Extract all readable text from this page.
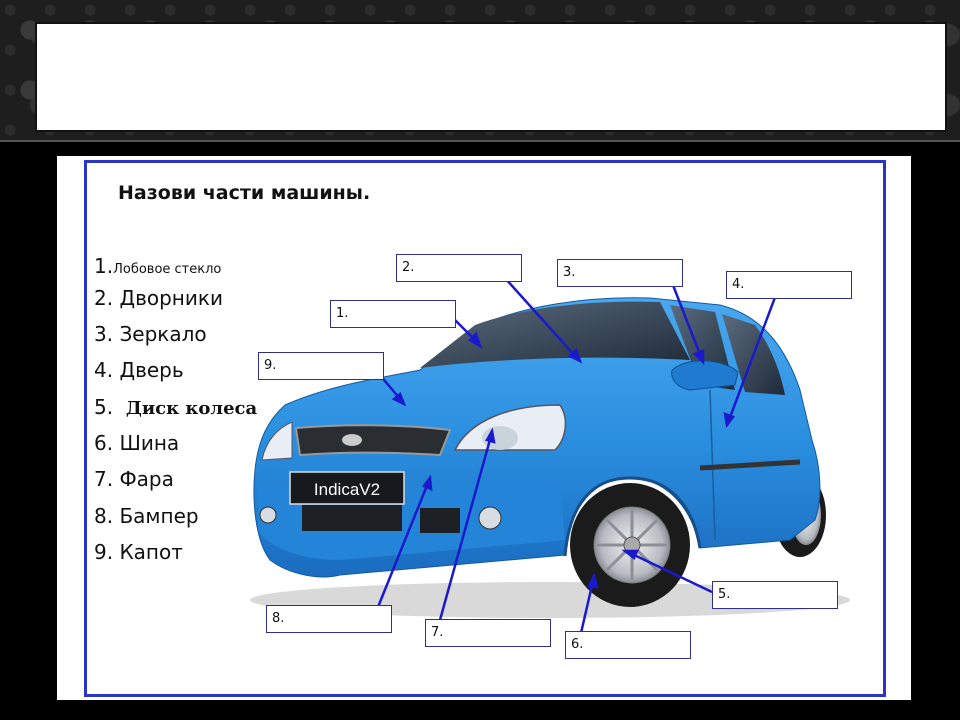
IndicaV2
Назови части машины.
1.Лобовое стекло
2. Дворники
3. Зеркало
4. Дверь
5. Диск колеса
6. Шина
7. Фара
8. Бампер
9. Капот
1.
2.	3.
4.
5.
6.
7.
8.
9.
